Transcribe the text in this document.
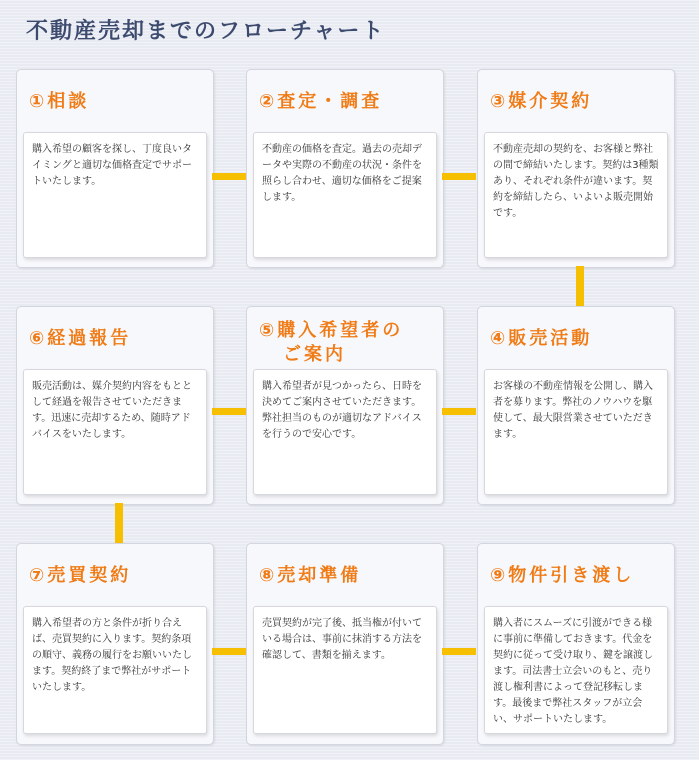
不動産売却までのフローチャート
①相談
購入希望の顧客を探し、丁度良いタイミングと適切な価格査定でサポートいたします。
②査定・調査
不動産の価格を査定。過去の売却データや実際の不動産の状況・条件を照らし合わせ、適切な価格をご提案します。
③媒介契約
不動産売却の契約を、お客様と弊社の間で締結いたします。契約は3種類あり、それぞれ条件が違います。契約を締結したら、いよいよ販売開始です。
⑥経過報告
販売活動は、媒介契約内容をもととして経過を報告させていただきます。迅速に売却するため、随時アドバイスをいたします。
⑤購入希望者の
ご案内
購入希望者が見つかったら、日時を決めてご案内させていただきます。弊社担当のものが適切なアドバイスを行うので安心です。
④販売活動
お客様の不動産情報を公開し、購入者を募ります。弊社のノウハウを駆使して、最大限営業させていただきます。
⑦売買契約
購入希望者の方と条件が折り合えば、売買契約に入ります。契約条項の順守、義務の履行をお願いいたします。契約終了まで弊社がサポートいたします。
⑧売却準備
売買契約が完了後、抵当権が付いている場合は、事前に抹消する方法を確認して、書類を揃えます。
⑨物件引き渡し
購入者にスムーズに引渡ができる様に事前に準備しておきます。代金を契約に従って受け取り、鍵を譲渡します。司法書士立会いのもと、売り渡し権利書によって登記移転します。最後まで弊社スタッフが立会い、サポートいたします。
